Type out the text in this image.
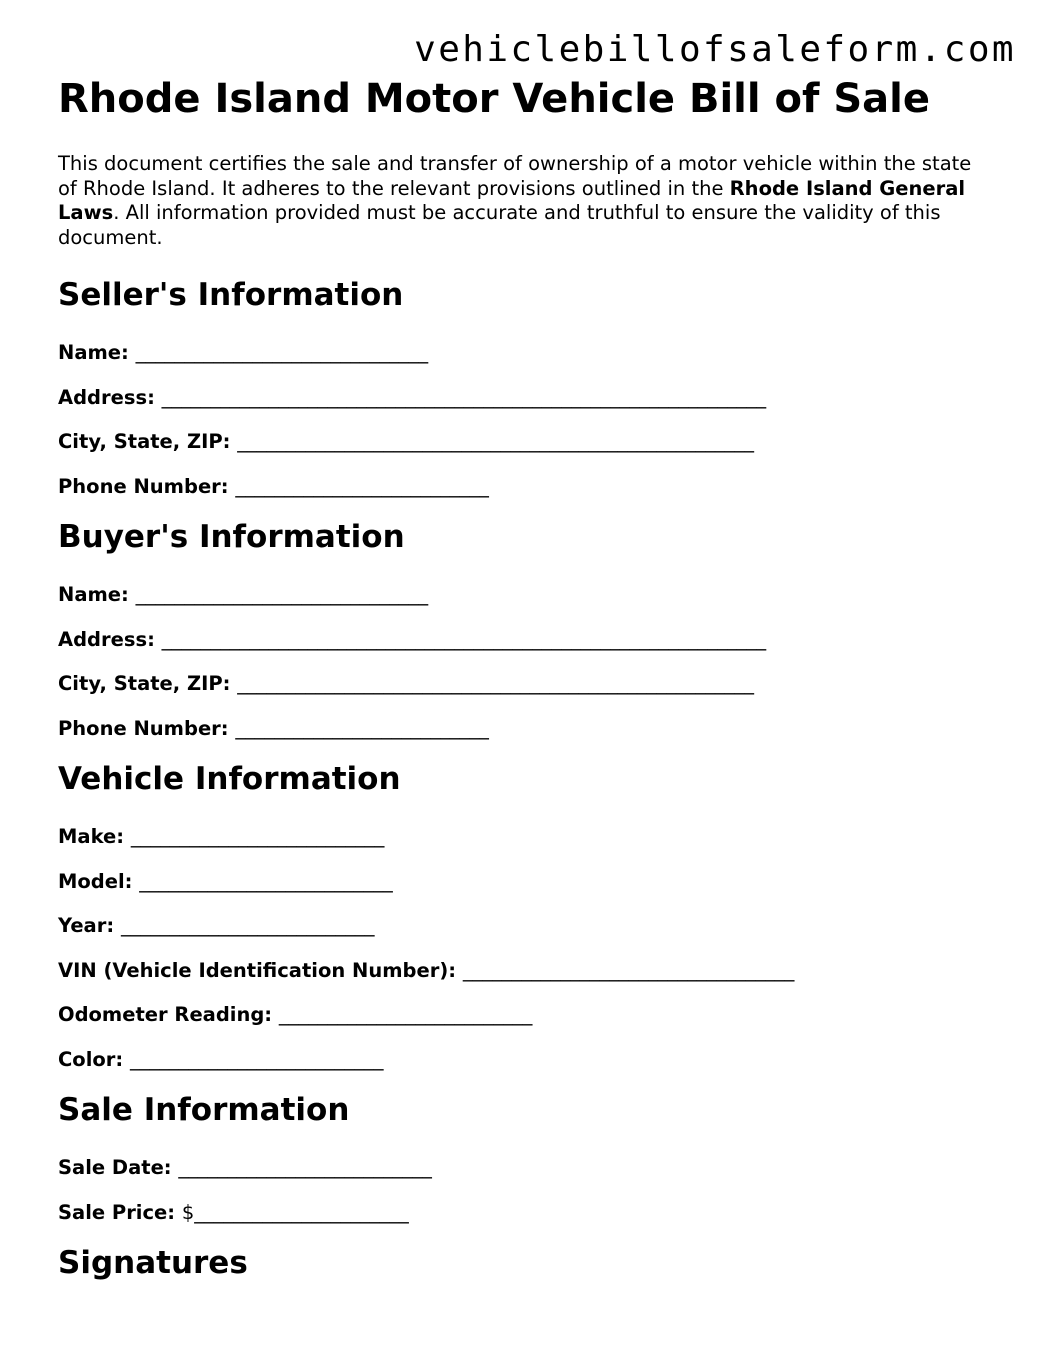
vehiclebillofsaleform.com
Rhode Island Motor Vehicle Bill of Sale

This document certifies the sale and transfer of ownership of a motor vehicle within the state of Rhode Island. It adheres to the relevant provisions outlined in the Rhode Island General Laws. All information provided must be accurate and truthful to ensure the validity of this document.

Seller's Information
Name: ______________________________
Address: ______________________________________________________________
City, State, ZIP: _____________________________________________________
Phone Number: __________________________
Buyer's Information
Name: ______________________________
Address: ______________________________________________________________
City, State, ZIP: _____________________________________________________
Phone Number: __________________________
Vehicle Information
Make: __________________________
Model: __________________________
Year: __________________________
VIN (Vehicle Identification Number): __________________________________
Odometer Reading: __________________________
Color: __________________________
Sale Information
Sale Date: __________________________
Sale Price: $______________________
Signatures
